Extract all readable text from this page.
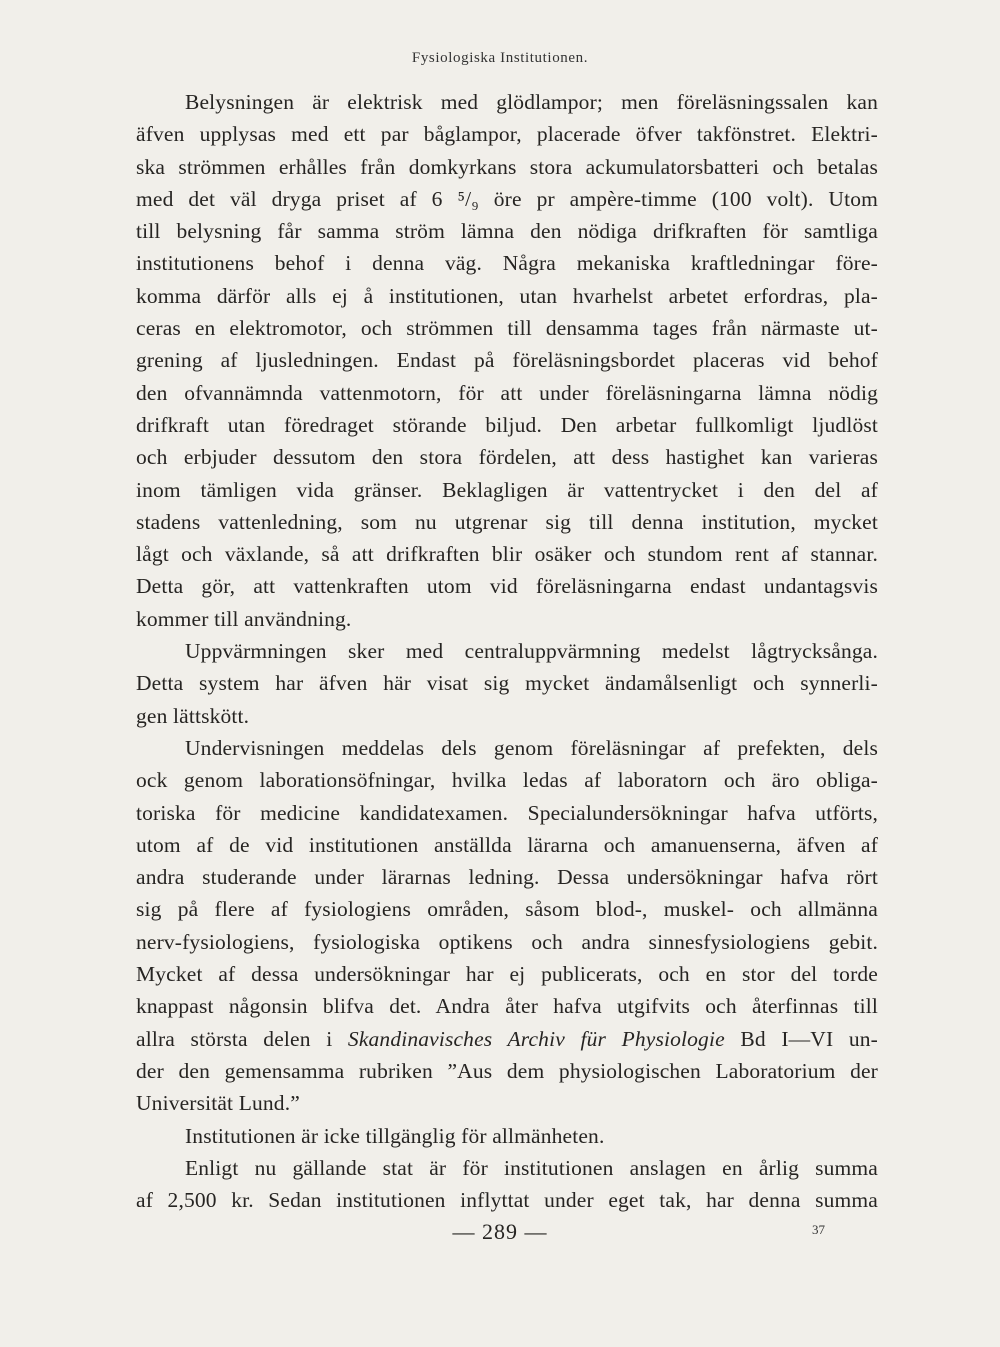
Fysiologiska Institutionen.
Belysningen är elektrisk med glödlampor; men föreläsningssalen kan
äfven upplysas med ett par båglampor, placerade öfver takfönstret. Elektri-
ska strömmen erhålles från domkyrkans stora ackumulatorsbatteri och betalas
med det väl dryga priset af 6 ⁵/₉ öre pr ampère-timme (100 volt). Utom
till belysning får samma ström lämna den nödiga drifkraften för samtliga
institutionens behof i denna väg. Några mekaniska kraftledningar före-
komma därför alls ej å institutionen, utan hvarhelst arbetet erfordras, pla-
ceras en elektromotor, och strömmen till densamma tages från närmaste ut-
grening af ljusledningen. Endast på föreläsningsbordet placeras vid behof
den ofvannämnda vattenmotorn, för att under föreläsningarna lämna nödig
drifkraft utan föredraget störande biljud. Den arbetar fullkomligt ljudlöst
och erbjuder dessutom den stora fördelen, att dess hastighet kan varieras
inom tämligen vida gränser. Beklagligen är vattentrycket i den del af
stadens vattenledning, som nu utgrenar sig till denna institution, mycket
lågt och växlande, så att drifkraften blir osäker och stundom rent af stannar.
Detta gör, att vattenkraften utom vid föreläsningarna endast undantagsvis
kommer till användning.
Uppvärmningen sker med centraluppvärmning medelst lågtrycksånga.
Detta system har äfven här visat sig mycket ändamålsenligt och synnerli-
gen lättskött.
Undervisningen meddelas dels genom föreläsningar af prefekten, dels
ock genom laborationsöfningar, hvilka ledas af laboratorn och äro obliga-
toriska för medicine kandidatexamen. Specialundersökningar hafva utförts,
utom af de vid institutionen anställda lärarna och amanuenserna, äfven af
andra studerande under lärarnas ledning. Dessa undersökningar hafva rört
sig på flere af fysiologiens områden, såsom blod-, muskel- och allmänna
nerv-fysiologiens, fysiologiska optikens och andra sinnesfysiologiens gebit.
Mycket af dessa undersökningar har ej publicerats, och en stor del torde
knappast någonsin blifva det. Andra åter hafva utgifvits och återfinnas till
allra största delen i Skandinavisches Archiv für Physiologie Bd I—VI un-
der den gemensamma rubriken ”Aus dem physiologischen Laboratorium der
Universität Lund.”
Institutionen är icke tillgänglig för allmänheten.
Enligt nu gällande stat är för institutionen anslagen en årlig summa
af 2,500 kr. Sedan institutionen inflyttat under eget tak, har denna summa
— 289 —	37
